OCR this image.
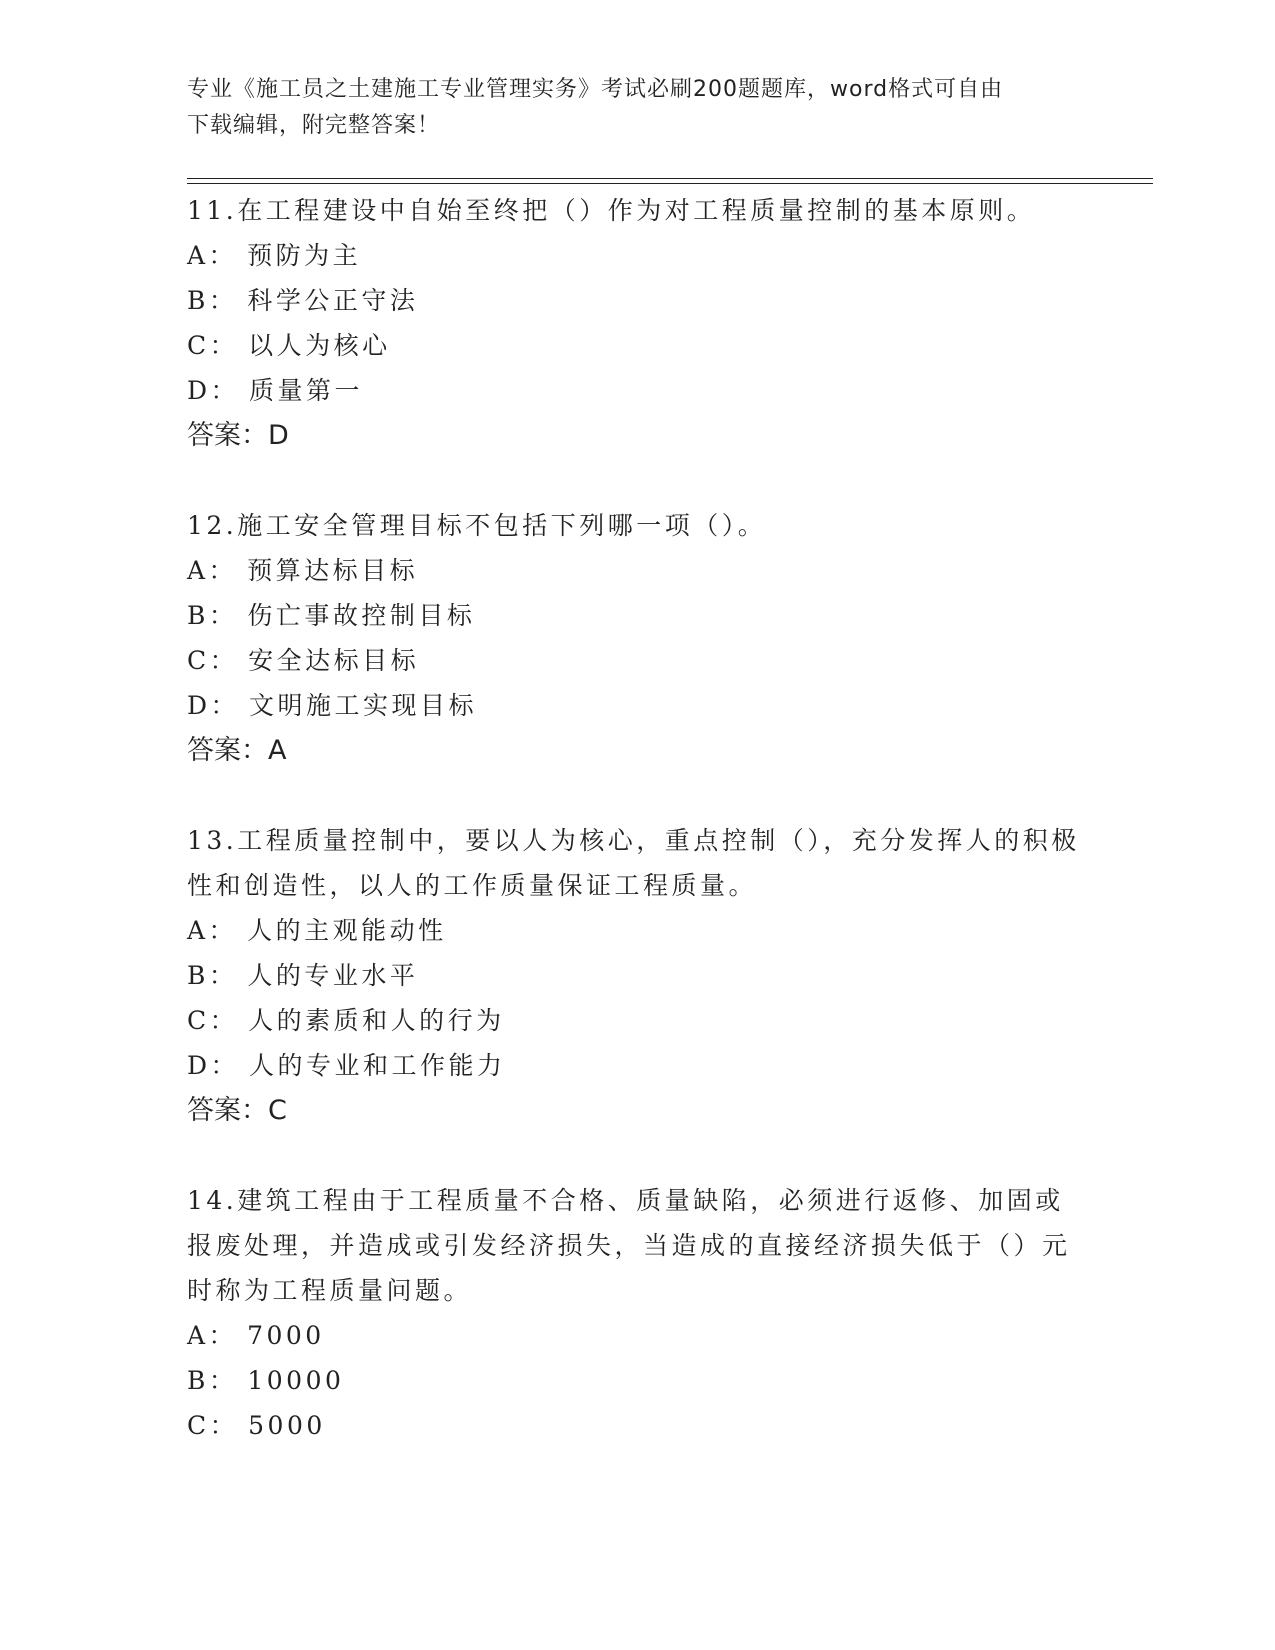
专业《施工员之土建施工专业管理实务》考试必刷200题题库，word格式可自由
下载编辑，附完整答案！

11.在工程建设中自始至终把（）作为对工程质量控制的基本原则。

A： 预防为主

B： 科学公正守法

C： 以人为核心

D： 质量第一

答案：D

12.施工安全管理目标不包括下列哪一项（）。

A： 预算达标目标

B： 伤亡事故控制目标

C： 安全达标目标

D： 文明施工实现目标

答案：A

13.工程质量控制中，要以人为核心，重点控制（），充分发挥人的积极性和创造性，以人的工作质量保证工程质量。

A： 人的主观能动性

B： 人的专业水平

C： 人的素质和人的行为

D： 人的专业和工作能力

答案：C

14.建筑工程由于工程质量不合格、质量缺陷，必须进行返修、加固或报废处理，并造成或引发经济损失，当造成的直接经济损失低于（）元时称为工程质量问题。

A： 7000

B： 10000

C： 5000
